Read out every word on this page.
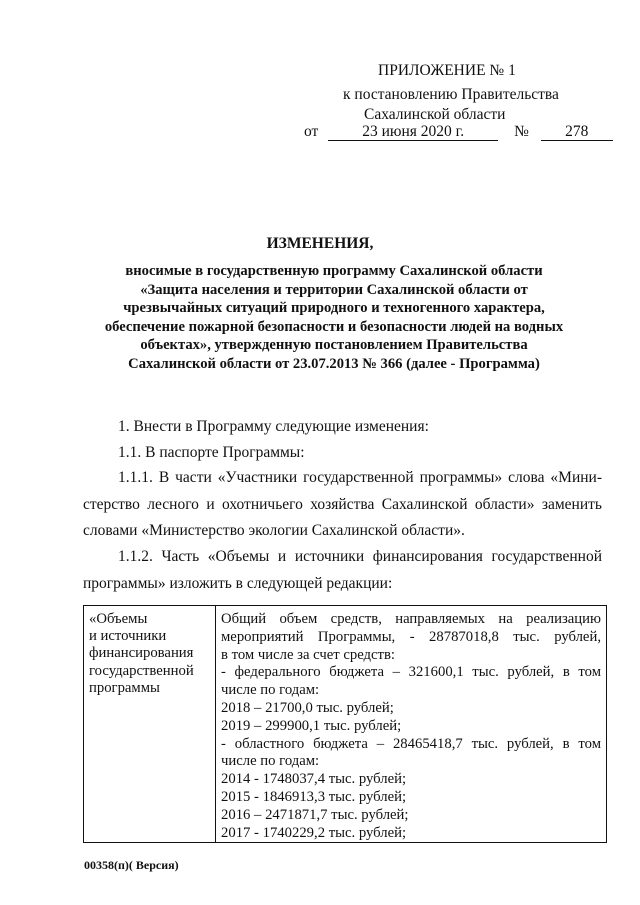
ПРИЛОЖЕНИЕ № 1
к постановлению Правительства
Сахалинской области
от	23 июня 2020 г.	№ 278
ИЗМЕНЕНИЯ,
вносимые в государственную программу Сахалинской области
«Защита населения и территории Сахалинской области от
чрезвычайных ситуаций природного и техногенного характера,
обеспечение пожарной безопасности и безопасности людей на водных
объектах», утвержденную постановлением Правительства
Сахалинской области от 23.07.2013 № 366 (далее - Программа)
1. Внести в Программу следующие изменения:
1.1. В паспорте Программы:
1.1.1. В части «Участники государственной программы» слова «Мини-
стерство лесного и охотничьего хозяйства Сахалинской области» заменить
словами «Министерство экологии Сахалинской области».
1.1.2. Часть «Объемы и источники финансирования государственной
программы» изложить в следующей редакции:
«Объемы
и источники
финансирования
государственной
программы

Общий объем средств, направляемых на реализацию
мероприятий Программы, - 28787018,8 тыс. рублей,
в том числе за счет средств:
- федерального бюджета – 321600,1 тыс. рублей, в том
числе по годам:
2018 – 21700,0 тыс. рублей;
2019 – 299900,1 тыс. рублей;
- областного бюджета – 28465418,7 тыс. рублей, в том
числе по годам:
2014 - 1748037,4 тыс. рублей;
2015 - 1846913,3 тыс. рублей;
2016 – 2471871,7 тыс. рублей;
2017 - 1740229,2 тыс. рублей;
00358(п)( Версия)
